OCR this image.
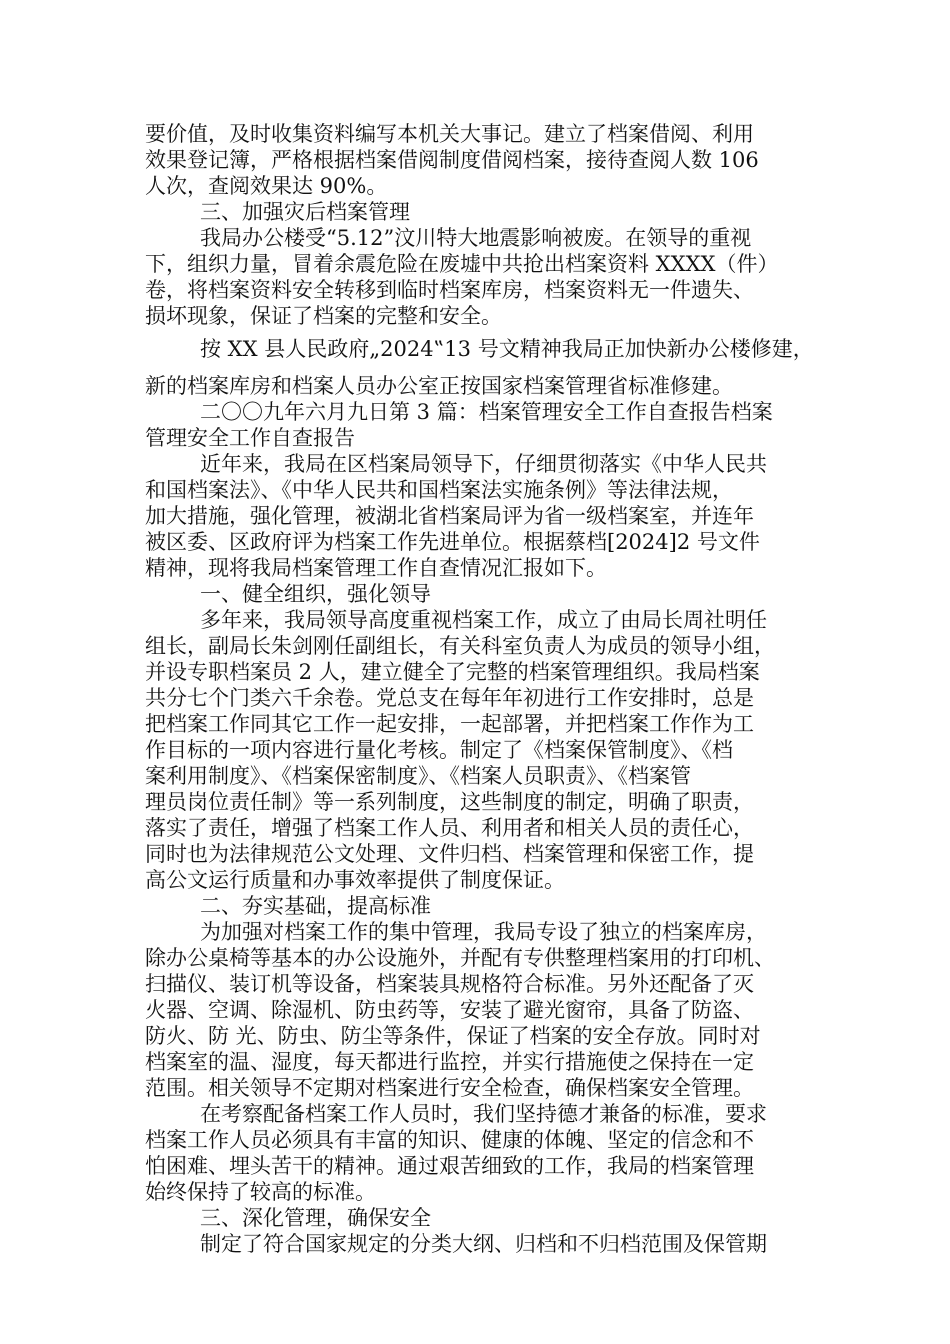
要价值，及时收集资料编写本机关大事记。建立了档案借阅、利用
效果登记簿，严格根据档案借阅制度借阅档案，接待查阅人数 106
人次，查阅效果达 90%。
三、加强灾后档案管理
我局办公楼受“5.12”汶川特大地震影响被废。在领导的重视
下，组织力量，冒着余震危险在废墟中共抢出档案资料 XXXX（件）
卷，将档案资料安全转移到临时档案库房，档案资料无一件遗失、
损坏现象，保证了档案的完整和安全。
按 XX 县人民政府„2024‟13 号文精神我局正加快新办公楼修建，
新的档案库房和档案人员办公室正按国家档案管理省标准修建。
二〇〇九年六月九日第 3 篇：档案管理安全工作自查报告档案
管理安全工作自查报告
近年来，我局在区档案局领导下，仔细贯彻落实《中华人民共
和国档案法》、《中华人民共和国档案法实施条例》等法律法规，
加大措施，强化管理，被湖北省档案局评为省一级档案室，并连年
被区委、区政府评为档案工作先进单位。根据蔡档[2024]2 号文件
精神，现将我局档案管理工作自查情况汇报如下。
一、健全组织，强化领导
多年来，我局领导高度重视档案工作，成立了由局长周社明任
组长，副局长朱剑刚任副组长，有关科室负责人为成员的领导小组，
并设专职档案员 2 人，建立健全了完整的档案管理组织。我局档案
共分七个门类六千余卷。党总支在每年年初进行工作安排时，总是
把档案工作同其它工作一起安排，一起部署，并把档案工作作为工
作目标的一项内容进行量化考核。制定了《档案保管制度》、《档
案利用制度》、《档案保密制度》、《档案人员职责》、《档案管
理员岗位责任制》等一系列制度，这些制度的制定，明确了职责，
落实了责任，增强了档案工作人员、利用者和相关人员的责任心，
同时也为法律规范公文处理、文件归档、档案管理和保密工作，提
高公文运行质量和办事效率提供了制度保证。
二、夯实基础，提高标准
为加强对档案工作的集中管理，我局专设了独立的档案库房，
除办公桌椅等基本的办公设施外，并配有专供整理档案用的打印机、
扫描仪、装订机等设备，档案装具规格符合标准。另外还配备了灭
火器、空调、除湿机、防虫药等，安装了避光窗帘，具备了防盗、
防火、防 光、防虫、防尘等条件，保证了档案的安全存放。同时对
档案室的温、湿度，每天都进行监控，并实行措施使之保持在一定
范围。相关领导不定期对档案进行安全检查，确保档案安全管理。
在考察配备档案工作人员时，我们坚持德才兼备的标准，要求
档案工作人员必须具有丰富的知识、健康的体魄、坚定的信念和不
怕困难、埋头苦干的精神。通过艰苦细致的工作，我局的档案管理
始终保持了较高的标准。
三、深化管理，确保安全
制定了符合国家规定的分类大纲、归档和不归档范围及保管期
